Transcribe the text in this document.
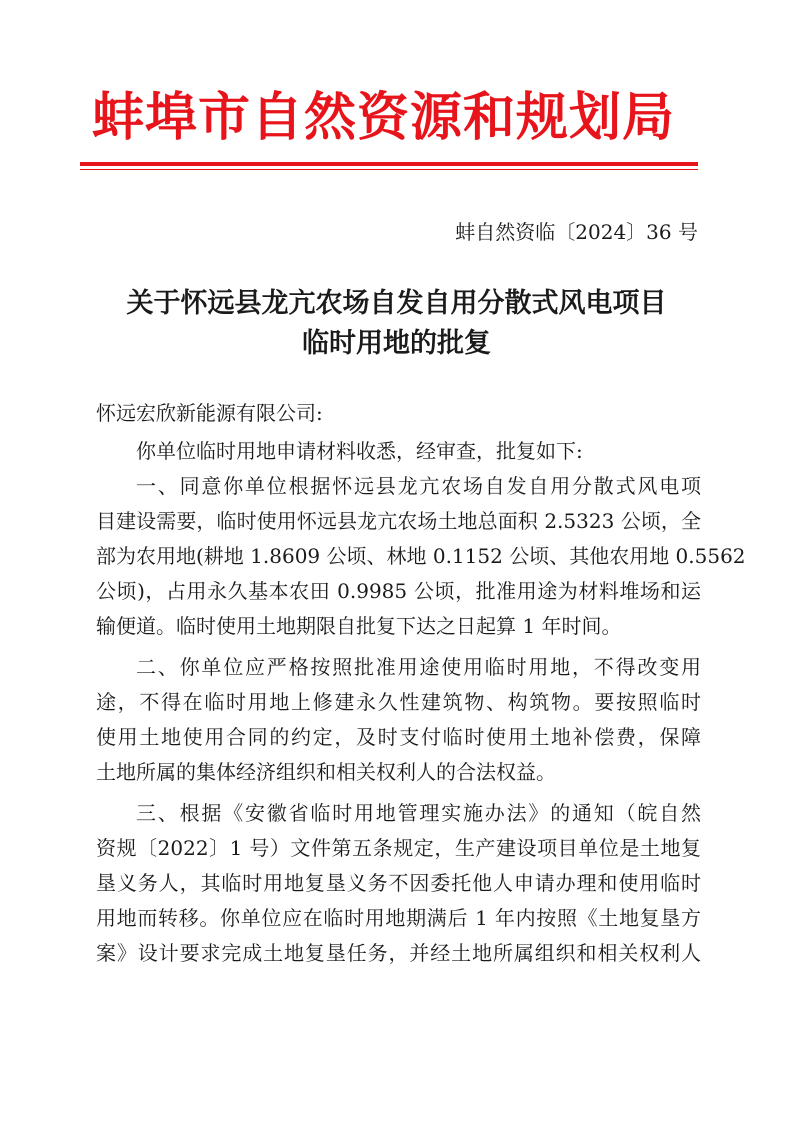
蚌埠市自然资源和规划局
蚌自然资临〔2024〕36 号
关于怀远县龙亢农场自发自用分散式风电项目
临时用地的批复
怀远宏欣新能源有限公司:
你单位临时用地申请材料收悉，经审查，批复如下:
一、同意你单位根据怀远县龙亢农场自发自用分散式风电项
目建设需要，临时使用怀远县龙亢农场土地总面积 2.5323 公顷，全
部为农用地(耕地 1.8609 公顷、林地 0.1152 公顷、其他农用地 0.5562
公顷)，占用永久基本农田 0.9985 公顷，批准用途为材料堆场和运
输便道。临时使用土地期限自批复下达之日起算 1 年时间。
二、你单位应严格按照批准用途使用临时用地，不得改变用
途，不得在临时用地上修建永久性建筑物、构筑物。要按照临时
使用土地使用合同的约定，及时支付临时使用土地补偿费，保障
土地所属的集体经济组织和相关权利人的合法权益。
三、根据《安徽省临时用地管理实施办法》的通知（皖自然
资规〔2022〕1 号）文件第五条规定，生产建设项目单位是土地复
垦义务人，其临时用地复垦义务不因委托他人申请办理和使用临时
用地而转移。你单位应在临时用地期满后 1 年内按照《土地复垦方
案》设计要求完成土地复垦任务，并经土地所属组织和相关权利人
